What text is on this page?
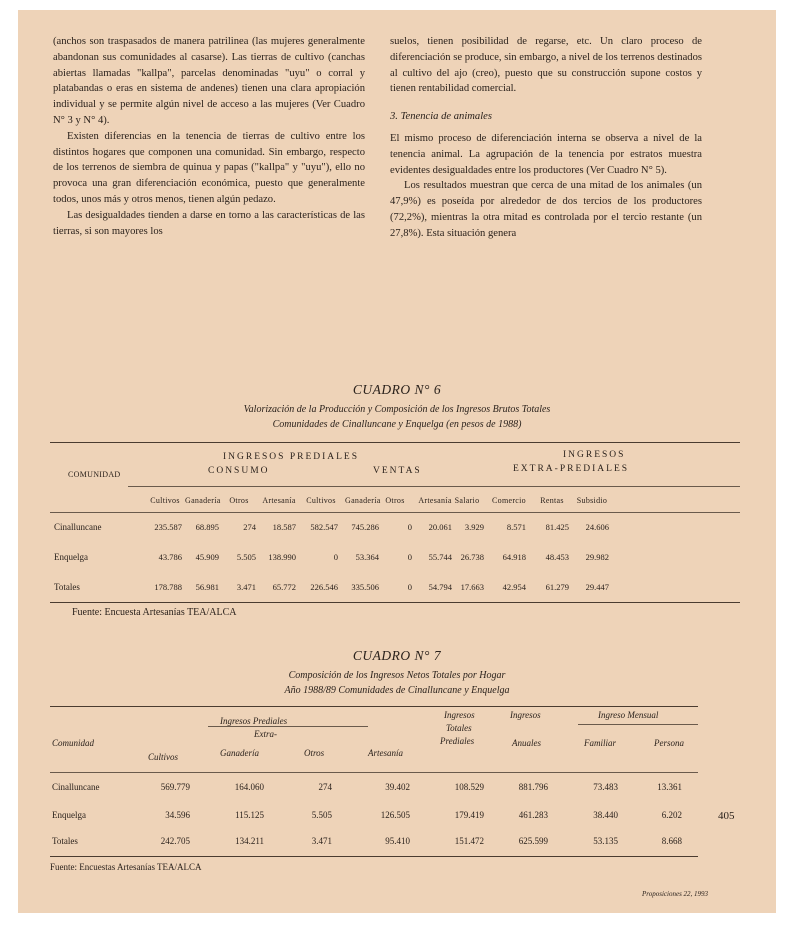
(anchos son traspasados de manera patrilinea (las mujeres generalmente abandonan sus comunidades al casarse). Las tierras de cultivo (canchas abiertas llamadas "kallpa", parcelas denominadas "uyu" o corral y platabandas o eras en sistema de andenes) tienen una clara apropiación individual y se permite algún nivel de acceso a las mujeres (Ver Cuadro N° 3 y N° 4).

Existen diferencias en la tenencia de tierras de cultivo entre los distintos hogares que componen una comunidad. Sin embargo, respecto de los terrenos de siembra de quinua y papas ("kallpa" y "uyu"), ello no provoca una gran diferenciación económica, puesto que generalmente todos, unos más y otros menos, tienen algún pedazo.

Las desigualdades tienden a darse en torno a las características de las tierras, si son mayores los

suelos, tienen posibilidad de regarse, etc. Un claro proceso de diferenciación se produce, sin embargo, a nivel de los terrenos destinados al cultivo del ajo (creo), puesto que su construcción supone costos y tienen rentabilidad comercial.

3. Tenencia de animales

El mismo proceso de diferenciación interna se observa a nivel de la tenencia animal. La agrupación de la tenencia por estratos muestra evidentes desigualdades entre los productores (Ver Cuadro N° 5).

Los resultados muestran que cerca de una mitad de los animales (un 47,9%) es poseída por alrededor de dos tercios de los productores (72,2%), mientras la otra mitad es controlada por el tercio restante (un 27,8%). Esta situación genera

CUADRO N° 6
Valorización de la Producción y Composición de los Ingresos Brutos Totales
Comunidades de Cinalluncane y Enquelga (en pesos de 1988)
INGRESOS PREDIALES
CONSUMO	VENTAS
INGRESOS
EXTRA-PREDIALES
COMUNIDAD
Cultivos Ganadería	Otros	Artesanía Cultivos Ganadería Otros	Artesanía Salario	Comercio	Rentas	Subsidio
Cinalluncane	235.587	68.895	274	18.587	582.547	745.286	0	20.061	3.929	8.571	81.425	24.606
Enquelga	43.786	45.909	5.505	138.990	0	53.364	0	55.744	26.738	64.918	48.453	29.982
Totales	178.788	56.981	3.471	65.772	226.546	335.506	0	54.794	17.663	42.954	61.279	29.447
Fuente: Encuesta Artesanías TEA/ALCA
CUADRO N° 7
Composición de los Ingresos Netos Totales por Hogar
Año 1988/89 Comunidades de Cinalluncane y Enquelga
Comunidad
Ingresos Prediales
Extra-
Cultivos	Ganadería	Otros	Artesanía
Ingresos
Totales
Prediales
Ingresos
Anuales
Ingreso Mensual
Familiar	Persona
Cinalluncane	569.779	164.060	274	39.402	108.529	881.796	73.483	13.361
Enquelga	34.596	115.125	5.505	126.505	179.419	461.283	38.440	6.202
Totales	242.705	134.211	3.471	95.410	151.472	625.599	53.135	8.668
Fuente: Encuestas Artesanías TEA/ALCA
405
Proposiciones 22, 1993
